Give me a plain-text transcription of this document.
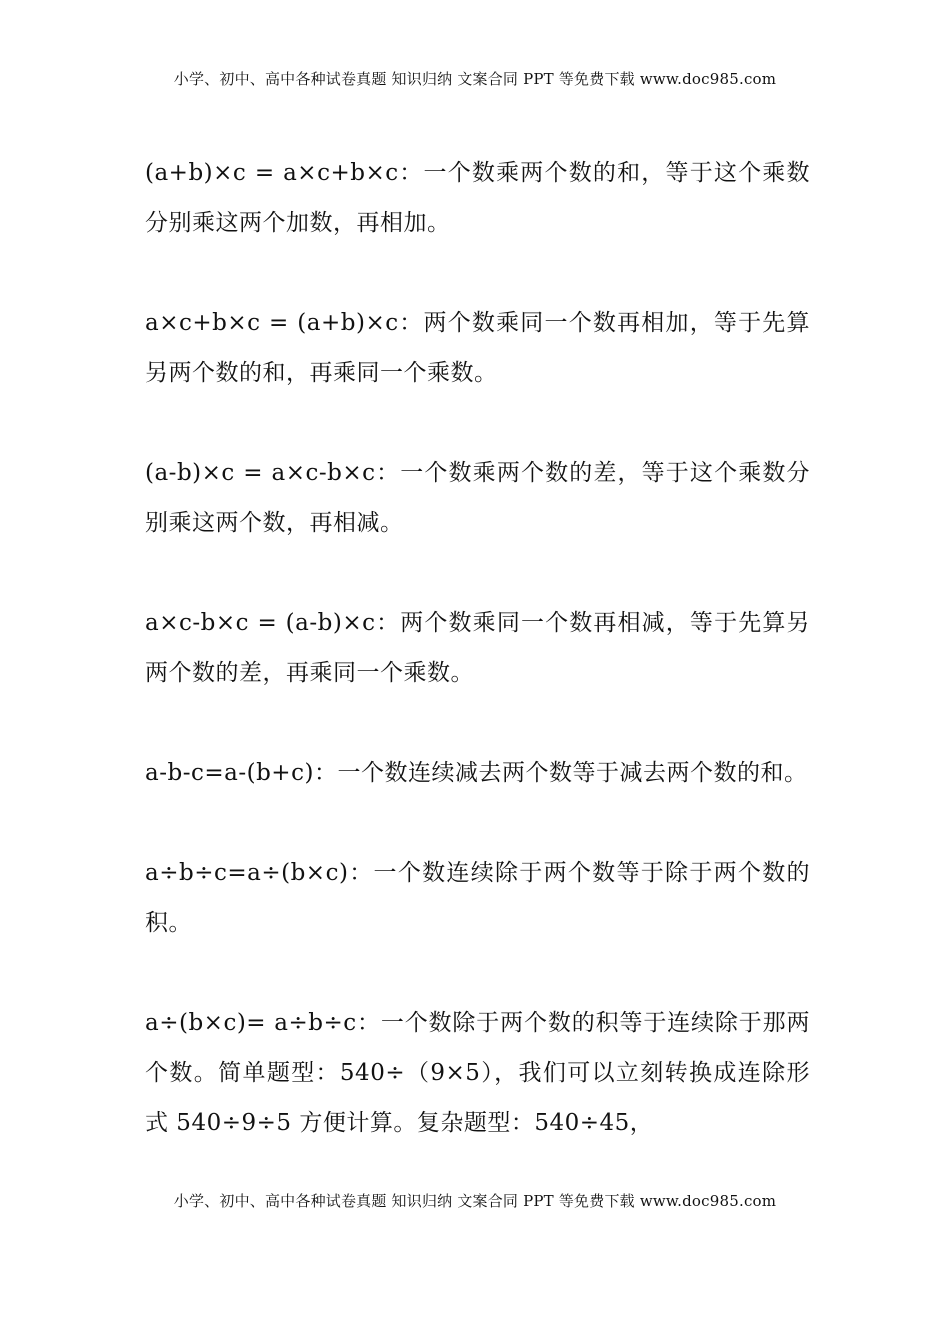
小学、初中、高中各种试卷真题 知识归纳 文案合同 PPT 等免费下载 www.doc985.com

(a+b)×c = a×c+b×c：一个数乘两个数的和，等于这个乘数分别乘这两个加数，再相加。

a×c+b×c = (a+b)×c：两个数乘同一个数再相加，等于先算另两个数的和，再乘同一个乘数。

(a-b)×c = a×c-b×c：一个数乘两个数的差，等于这个乘数分别乘这两个数，再相减。

a×c-b×c = (a-b)×c：两个数乘同一个数再相减，等于先算另两个数的差，再乘同一个乘数。

a-b-c=a-(b+c)：一个数连续减去两个数等于减去两个数的和。

a÷b÷c=a÷(b×c)：一个数连续除于两个数等于除于两个数的积。

a÷(b×c)= a÷b÷c：一个数除于两个数的积等于连续除于那两个数。简单题型：540÷（9×5），我们可以立刻转换成连除形式 540÷9÷5 方便计算。复杂题型：540÷45，

小学、初中、高中各种试卷真题 知识归纳 文案合同 PPT 等免费下载 www.doc985.com
